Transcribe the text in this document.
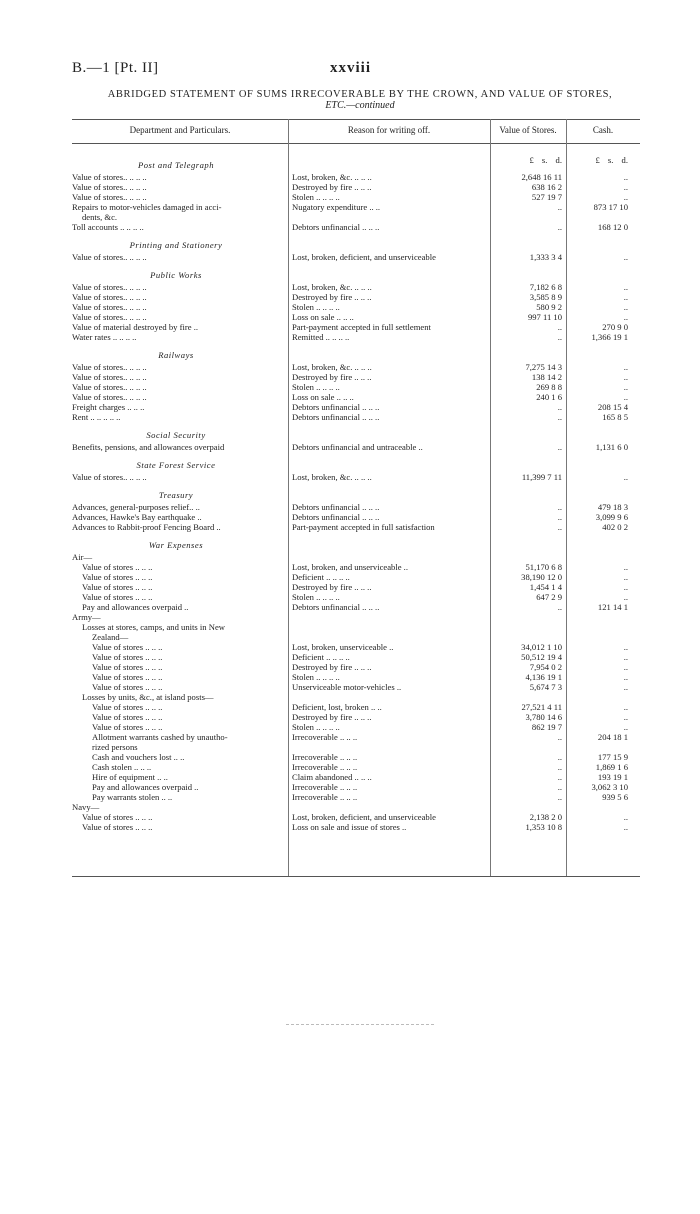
B.—1 [Pt. II]	xxviii
ABRIDGED STATEMENT OF SUMS IRRECOVERABLE BY THE CROWN, AND VALUE OF STORES,
ETC.—continued
Department and Particulars.	Reason for writing off.	Value of Stores.	Cash.
£ s. d.	£ s. d.
Post and Telegraph
Value of stores.. .. .. ..	Lost, broken, &c. .. .. ..	2,648 16 11	..
Value of stores.. .. .. ..	Destroyed by fire .. .. ..	638 16 2	..
Value of stores.. .. .. ..	Stolen .. .. .. ..	527 19 7	..
Repairs to motor-vehicles damaged in acci-	Nugatory expenditure .. ..	..	873 17 10
dents, &c.
Toll accounts .. .. .. ..	Debtors unfinancial .. .. ..	..	168 12 0
Printing and Stationery
Value of stores.. .. .. ..	Lost, broken, deficient, and unserviceable	1,333 3 4	..
Public Works
Value of stores.. .. .. ..	Lost, broken, &c. .. .. ..	7,182 6 8	..
Value of stores.. .. .. ..	Destroyed by fire .. .. ..	3,585 8 9	..
Value of stores.. .. .. ..	Stolen .. .. .. ..	580 9 2	..
Value of stores.. .. .. ..	Loss on sale .. .. ..	997 11 10	..
Value of material destroyed by fire ..	Part-payment accepted in full settlement	..	270 9 0
Water rates .. .. .. ..	Remitted .. .. .. ..	..	1,366 19 1
Railways
Value of stores.. .. .. ..	Lost, broken, &c. .. .. ..	7,275 14 3	..
Value of stores.. .. .. ..	Destroyed by fire .. .. ..	138 14 2	..
Value of stores.. .. .. ..	Stolen .. .. .. ..	269 8 8	..
Value of stores.. .. .. ..	Loss on sale .. .. ..	240 1 6	..
Freight charges .. .. ..	Debtors unfinancial .. .. ..	..	208 15 4
Rent .. .. .. .. ..	Debtors unfinancial .. .. ..	..	165 8 5
Social Security
Benefits, pensions, and allowances overpaid	Debtors unfinancial and untraceable ..	..	1,131 6 0
State Forest Service
Value of stores.. .. .. ..	Lost, broken, &c. .. .. ..	11,399 7 11	..
Treasury
Advances, general-purposes relief.. ..	Debtors unfinancial .. .. ..	..	479 18 3
Advances, Hawke's Bay earthquake ..	Debtors unfinancial .. .. ..	..	3,099 9 6
Advances to Rabbit-proof Fencing Board ..	Part-payment accepted in full satisfaction	..	402 0 2
War Expenses
Air—
Value of stores .. .. ..	Lost, broken, and unserviceable ..	51,170 6 8	..
Value of stores .. .. ..	Deficient .. .. .. ..	38,190 12 0	..
Value of stores .. .. ..	Destroyed by fire .. .. ..	1,454 1 4	..
Value of stores .. .. ..	Stolen .. .. .. ..	647 2 9	..
Pay and allowances overpaid ..	Debtors unfinancial .. .. ..	..	121 14 1
Army—
Losses at stores, camps, and units in New
Zealand—
Value of stores .. .. ..	Lost, broken, unserviceable ..	34,012 1 10	..
Value of stores .. .. ..	Deficient .. .. .. ..	50,512 19 4	..
Value of stores .. .. ..	Destroyed by fire .. .. ..	7,954 0 2	..
Value of stores .. .. ..	Stolen .. .. .. ..	4,136 19 1	..
Value of stores .. .. ..	Unserviceable motor-vehicles ..	5,674 7 3	..
Losses by units, &c., at island posts—
Value of stores .. .. ..	Deficient, lost, broken .. ..	27,521 4 11	..
Value of stores .. .. ..	Destroyed by fire .. .. ..	3,780 14 6	..
Value of stores .. .. ..	Stolen .. .. .. ..	862 19 7	..
Allotment warrants cashed by unautho-	Irrecoverable .. .. ..	..	204 18 1
rized persons
Cash and vouchers lost .. ..	Irrecoverable .. .. ..	..	177 15 9
Cash stolen .. .. ..	Irrecoverable .. .. ..	..	1,869 1 6
Hire of equipment .. ..	Claim abandoned .. .. ..	..	193 19 1
Pay and allowances overpaid ..	Irrecoverable .. .. ..	..	3,062 3 10
Pay warrants stolen .. ..	Irrecoverable .. .. ..	..	939 5 6
Navy—
Value of stores .. .. ..	Lost, broken, deficient, and unserviceable	2,138 2 0	..
Value of stores .. .. ..	Loss on sale and issue of stores ..	1,353 10 8	..
